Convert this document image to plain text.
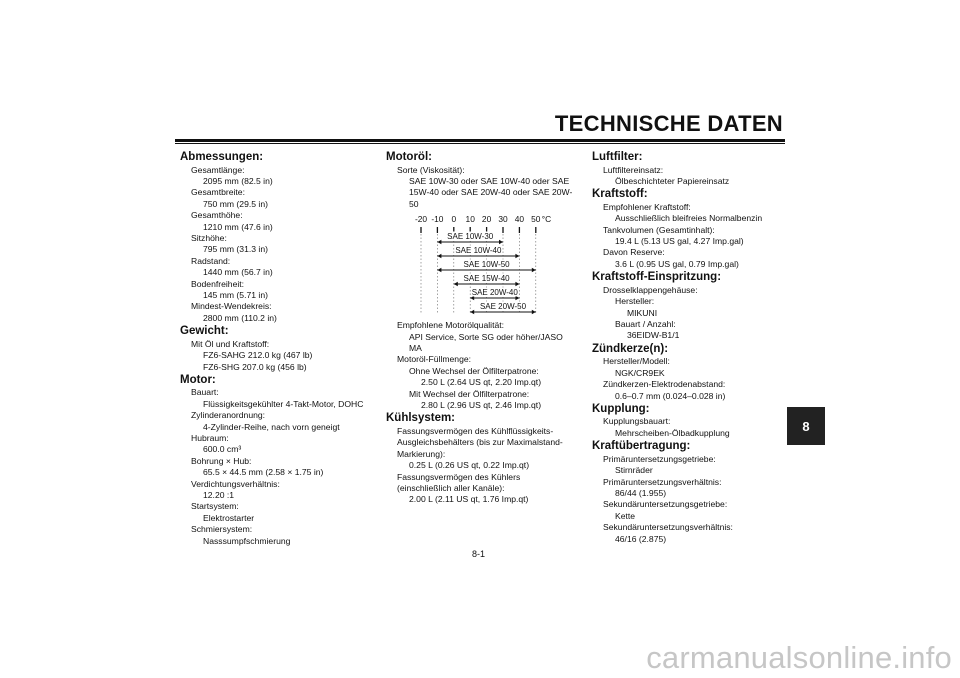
TECHNISCHE DATEN
Abmessungen:
Gesamtlänge:
2095 mm (82.5 in)
Gesamtbreite:
750 mm (29.5 in)
Gesamthöhe:
1210 mm (47.6 in)
Sitzhöhe:
795 mm (31.3 in)
Radstand:
1440 mm (56.7 in)
Bodenfreiheit:
145 mm (5.71 in)
Mindest-Wendekreis:
2800 mm (110.2 in)
Gewicht:
Mit Öl und Kraftstoff:
FZ6-SAHG 212.0 kg (467 lb)
FZ6-SHG 207.0 kg (456 lb)
Motor:
Bauart:
Flüssigkeitsgekühlter 4-Takt-Motor, DOHC
Zylinderanordnung:
4-Zylinder-Reihe, nach vorn geneigt
Hubraum:
600.0 cm³
Bohrung × Hub:
65.5 × 44.5 mm (2.58 × 1.75 in)
Verdichtungsverhältnis:
12.20 :1
Startsystem:
Elektrostarter
Schmiersystem:
Nasssumpfschmierung
Motoröl:
Sorte (Viskosität):
SAE 10W-30 oder SAE 10W-40 oder SAE
15W-40 oder SAE 20W-40 oder SAE 20W-
50
-20 -10 0 10 20 30 40 50 °C
SAE 10W-30
SAE 10W-40
SAE 10W-50
SAE 15W-40
SAE 20W-40
SAE 20W-50
Empfohlene Motorölqualität:
API Service, Sorte SG oder höher/JASO
MA
Motoröl-Füllmenge:
Ohne Wechsel der Ölfilterpatrone:
2.50 L (2.64 US qt, 2.20 Imp.qt)
Mit Wechsel der Ölfilterpatrone:
2.80 L (2.96 US qt, 2.46 Imp.qt)
Kühlsystem:
Fassungsvermögen des Kühlflüssigkeits-
Ausgleichsbehälters (bis zur Maximalstand-
Markierung):
0.25 L (0.26 US qt, 0.22 Imp.qt)
Fassungsvermögen des Kühlers
(einschließlich aller Kanäle):
2.00 L (2.11 US qt, 1.76 Imp.qt)
Luftfilter:
Luftfiltereinsatz:
Ölbeschichteter Papiereinsatz
Kraftstoff:
Empfohlener Kraftstoff:
Ausschließlich bleifreies Normalbenzin
Tankvolumen (Gesamtinhalt):
19.4 L (5.13 US gal, 4.27 Imp.gal)
Davon Reserve:
3.6 L (0.95 US gal, 0.79 Imp.gal)
Kraftstoff-Einspritzung:
Drosselklappengehäuse:
Hersteller:
MIKUNI
Bauart / Anzahl:
36EIDW-B1/1
Zündkerze(n):
Hersteller/Modell:
NGK/CR9EK
Zündkerzen-Elektrodenabstand:
0.6–0.7 mm (0.024–0.028 in)
Kupplung:
Kupplungsbauart:
Mehrscheiben-Ölbadkupplung
Kraftübertragung:
Primäruntersetzungsgetriebe:
Stirnräder
Primäruntersetzungsverhältnis:
86/44 (1.955)
Sekundäruntersetzungsgetriebe:
Kette
Sekundäruntersetzungsverhältnis:
46/16 (2.875)
8
8-1
carmanualsonline.info
